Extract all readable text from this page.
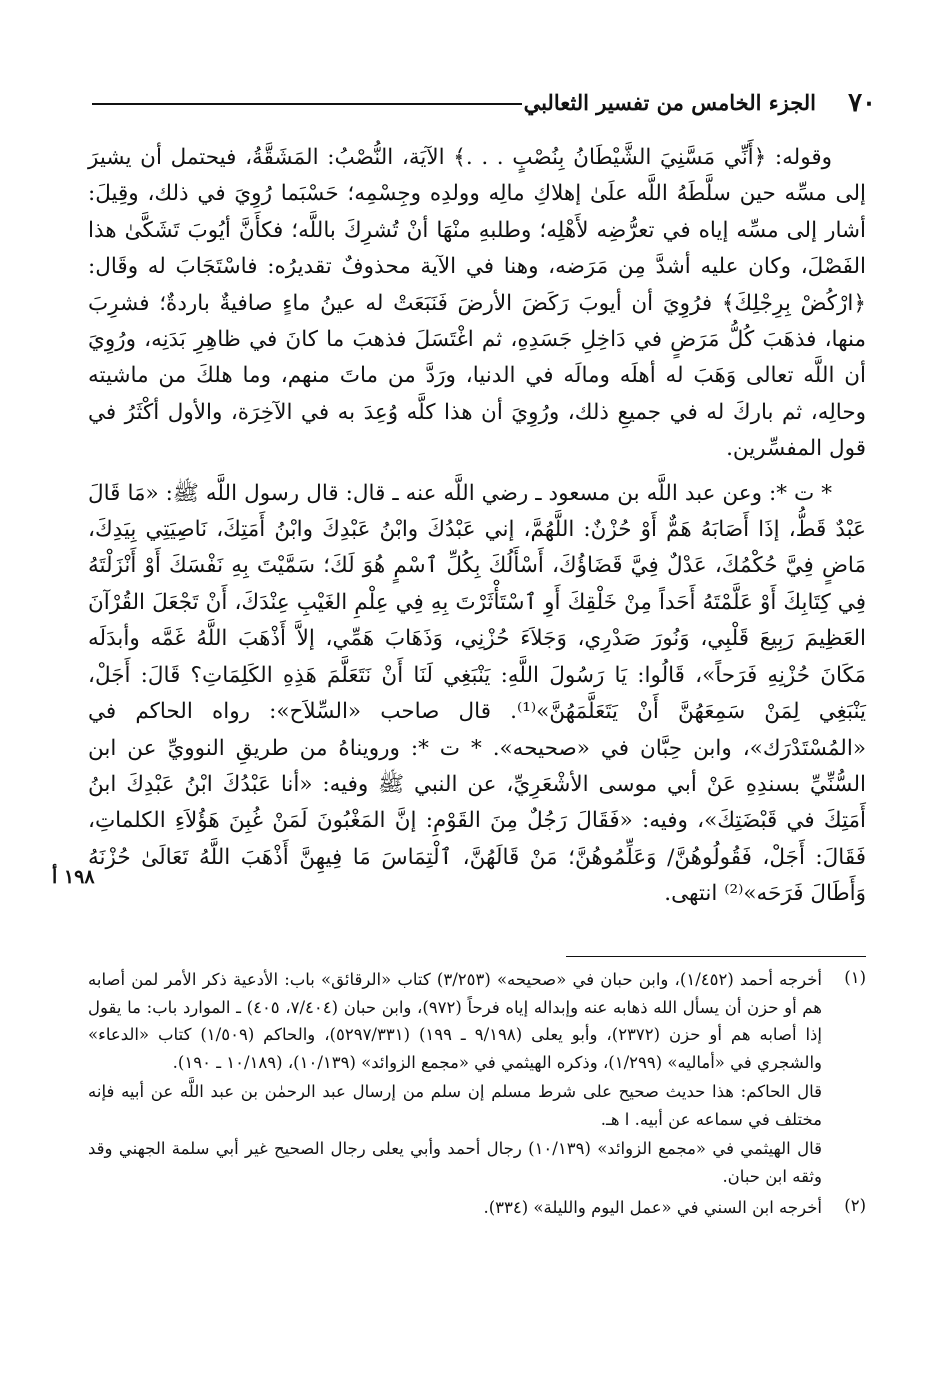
٧٠
الجزء الخامس من تفسير الثعالبي

وقوله: ﴿أَنِّي مَسَّنِيَ الشَّيْطَانُ بِنُصْبٍ . . .﴾ الآيَة، النُّصْبُ: المَشَقَّةُ، فيحتمل أن يشيرَ إلى مسِّه حين سلَّطَهُ اللَّه علَىٰ إهلاكِ مالِه وولدِه وجِسْمِه؛ حَسْبَما رُوِيَ في ذلك، وقِيلَ: أشار إلى مسِّه إياه في تعرُّضِه لأَهْلِه؛ وطلبهِ منْهَا أنْ تُشرِكَ باللَّه؛ فكأَنَّ أيُوبَ تَشَكَّىٰ هذا الفَصْلَ، وكان عليه أشدَّ مِن مَرَضه، وهنا في الآية محذوفٌ تقديرُه: فاسْتَجَابَ له وقَال: ﴿ارْكُضْ بِرِجْلِكَ﴾ فرُوِيَ أن أيوبَ رَكَضَ الأرضَ فَنَبَعَتْ له عينُ ماءٍ صافيةٌ باردةٌ؛ فشرِبَ منها، فذهَبَ كُلُّ مَرَضٍ في دَاخِلِ جَسَدِهِ، ثم اغْتَسَلَ فذهبَ ما كانَ في ظاهِرِ بَدَنِه، ورُوِيَ أن اللَّه تعالى وَهَبَ له أهلَه ومالَه في الدنيا، ورَدَّ من ماتَ منهم، وما هلكَ من ماشيته وحالِه، ثم باركَ له في جميعِ ذلك، ورُوِيَ أن هذا كلَّه وُعِدَ به في الآخِرَة، والأول أكْثَرُ في قول المفسِّرين.

* ت *: وعن عبد اللَّه بن مسعود ـ رضي اللَّه عنه ـ قال: قال رسول اللَّه ﷺ: «مَا قَالَ عَبْدٌ قَطُّ، إذَا أَصَابَهُ هَمٌّ أَوْ حُزْنٌ: اللَّهُمَّ، إني عَبْدُكَ وابْنُ عَبْدِكَ وابْنُ أَمَتِكَ، نَاصِيَتِي بِيَدِكَ، مَاضٍ فِيَّ حُكْمُكَ، عَدْلٌ فِيَّ قَضَاؤُكَ، أَسْأَلُكَ بِكُلِّ ٱسْمٍ هُوَ لَكَ؛ سَمَّيْتَ بِهِ نَفْسَكَ أَوْ أَنْزَلْتَهُ فِي كِتَابِكَ أَوْ عَلَّمْتَهُ أَحَداً مِنْ خَلْقِكَ أَوِ ٱسْتَأْثَرْتَ بِهِ فِي عِلْمِ الغَيْبِ عِنْدَكَ، أَنْ تَجْعَلَ القُرْآنَ العَظِيمَ رَبِيعَ قَلْبِي، وَنُورَ صَدْرِي، وَجَلاَءَ حُزْنِي، وَذَهَابَ هَمِّي، إلاَّ أَذْهَبَ اللَّهُ غَمَّه وأبدَلَه مَكَانَ حُزْنِهِ فَرَحاً»، قَالُوا: يَا رَسُولَ اللَّهِ: يَنْبَغِي لَنَا أَنْ نَتَعَلَّمَ هَذِهِ الكَلِمَاتِ؟ قَالَ: أَجَلْ، يَنْبَغِي لِمَنْ سَمِعَهُنَّ أَنْ يَتَعَلَّمَهُنَّ»⁽¹⁾. قال صاحب «السِّلاَح»: رواه الحاكم في «المُسْتَدْرَك»، وابن حِبَّان في «صحيحه». * ت *: ورويناهُ من طريقِ النوويِّ عن ابن السُّنِّيِّ بسندِهِ عَنْ أبي موسى الأشْعَرِيِّ، عن النبي ﷺ وفيه: «أنا عَبْدُكَ ابْنُ عَبْدِكَ ابنُ أَمَتِكَ في قَبْضَتِكَ»، وفيه: «فَقَالَ رَجُلٌ مِنَ القَوْمِ: إنَّ المَغْبُونَ لَمَنْ غُبِنَ هَؤُلاَءِ الكلماتِ، فَقَالَ: أَجَلْ، فَقُولُوهُنَّ/ وَعَلِّمُوهُنَّ؛ مَنْ قَالَهُنَّ، ٱلْتِمَاسَ مَا فِيهِنَّ أَذْهَبَ اللَّهُ تَعَالَىٰ حُزْنَهُ وَأَطَالَ فَرَحَه»⁽²⁾ انتهى.

١٩٨ أ
(١)

أخرجه أحمد (١/٤٥٢)، وابن حبان في «صحيحه» (٣/٢٥٣) كتاب «الرقائق» باب: الأدعية ذكر الأمر لمن أصابه هم أو حزن أن يسأل الله ذهابه عنه وإبداله إياه فرحاً (٩٧٢)، وابن حبان (٧/٤٠٤، ٤٠٥) ـ الموارد باب: ما يقول إذا أصابه هم أو حزن (٢٣٧٢)، وأبو يعلى (٩/١٩٨ ـ ١٩٩) (٥٢٩٧/٣٣١)، والحاكم (١/٥٠٩) كتاب «الدعاء» والشجري في «أماليه» (١/٢٩٩)، وذكره الهيثمي في «مجمع الزوائد» (١٠/١٣٩)، (١٠/١٨٩ ـ ١٩٠).

قال الحاكم: هذا حديث صحيح على شرط مسلم إن سلم من إرسال عبد الرحمٰن بن عبد اللَّه عن أبيه فإنه مختلف في سماعه عن أبيه. ا هـ.

قال الهيثمي في «مجمع الزوائد» (١٠/١٣٩) رجال أحمد وأبي يعلى رجال الصحيح غير أبي سلمة الجهني وقد وثقه ابن حبان.

(٢)

أخرجه ابن السني في «عمل اليوم والليلة» (٣٣٤).
